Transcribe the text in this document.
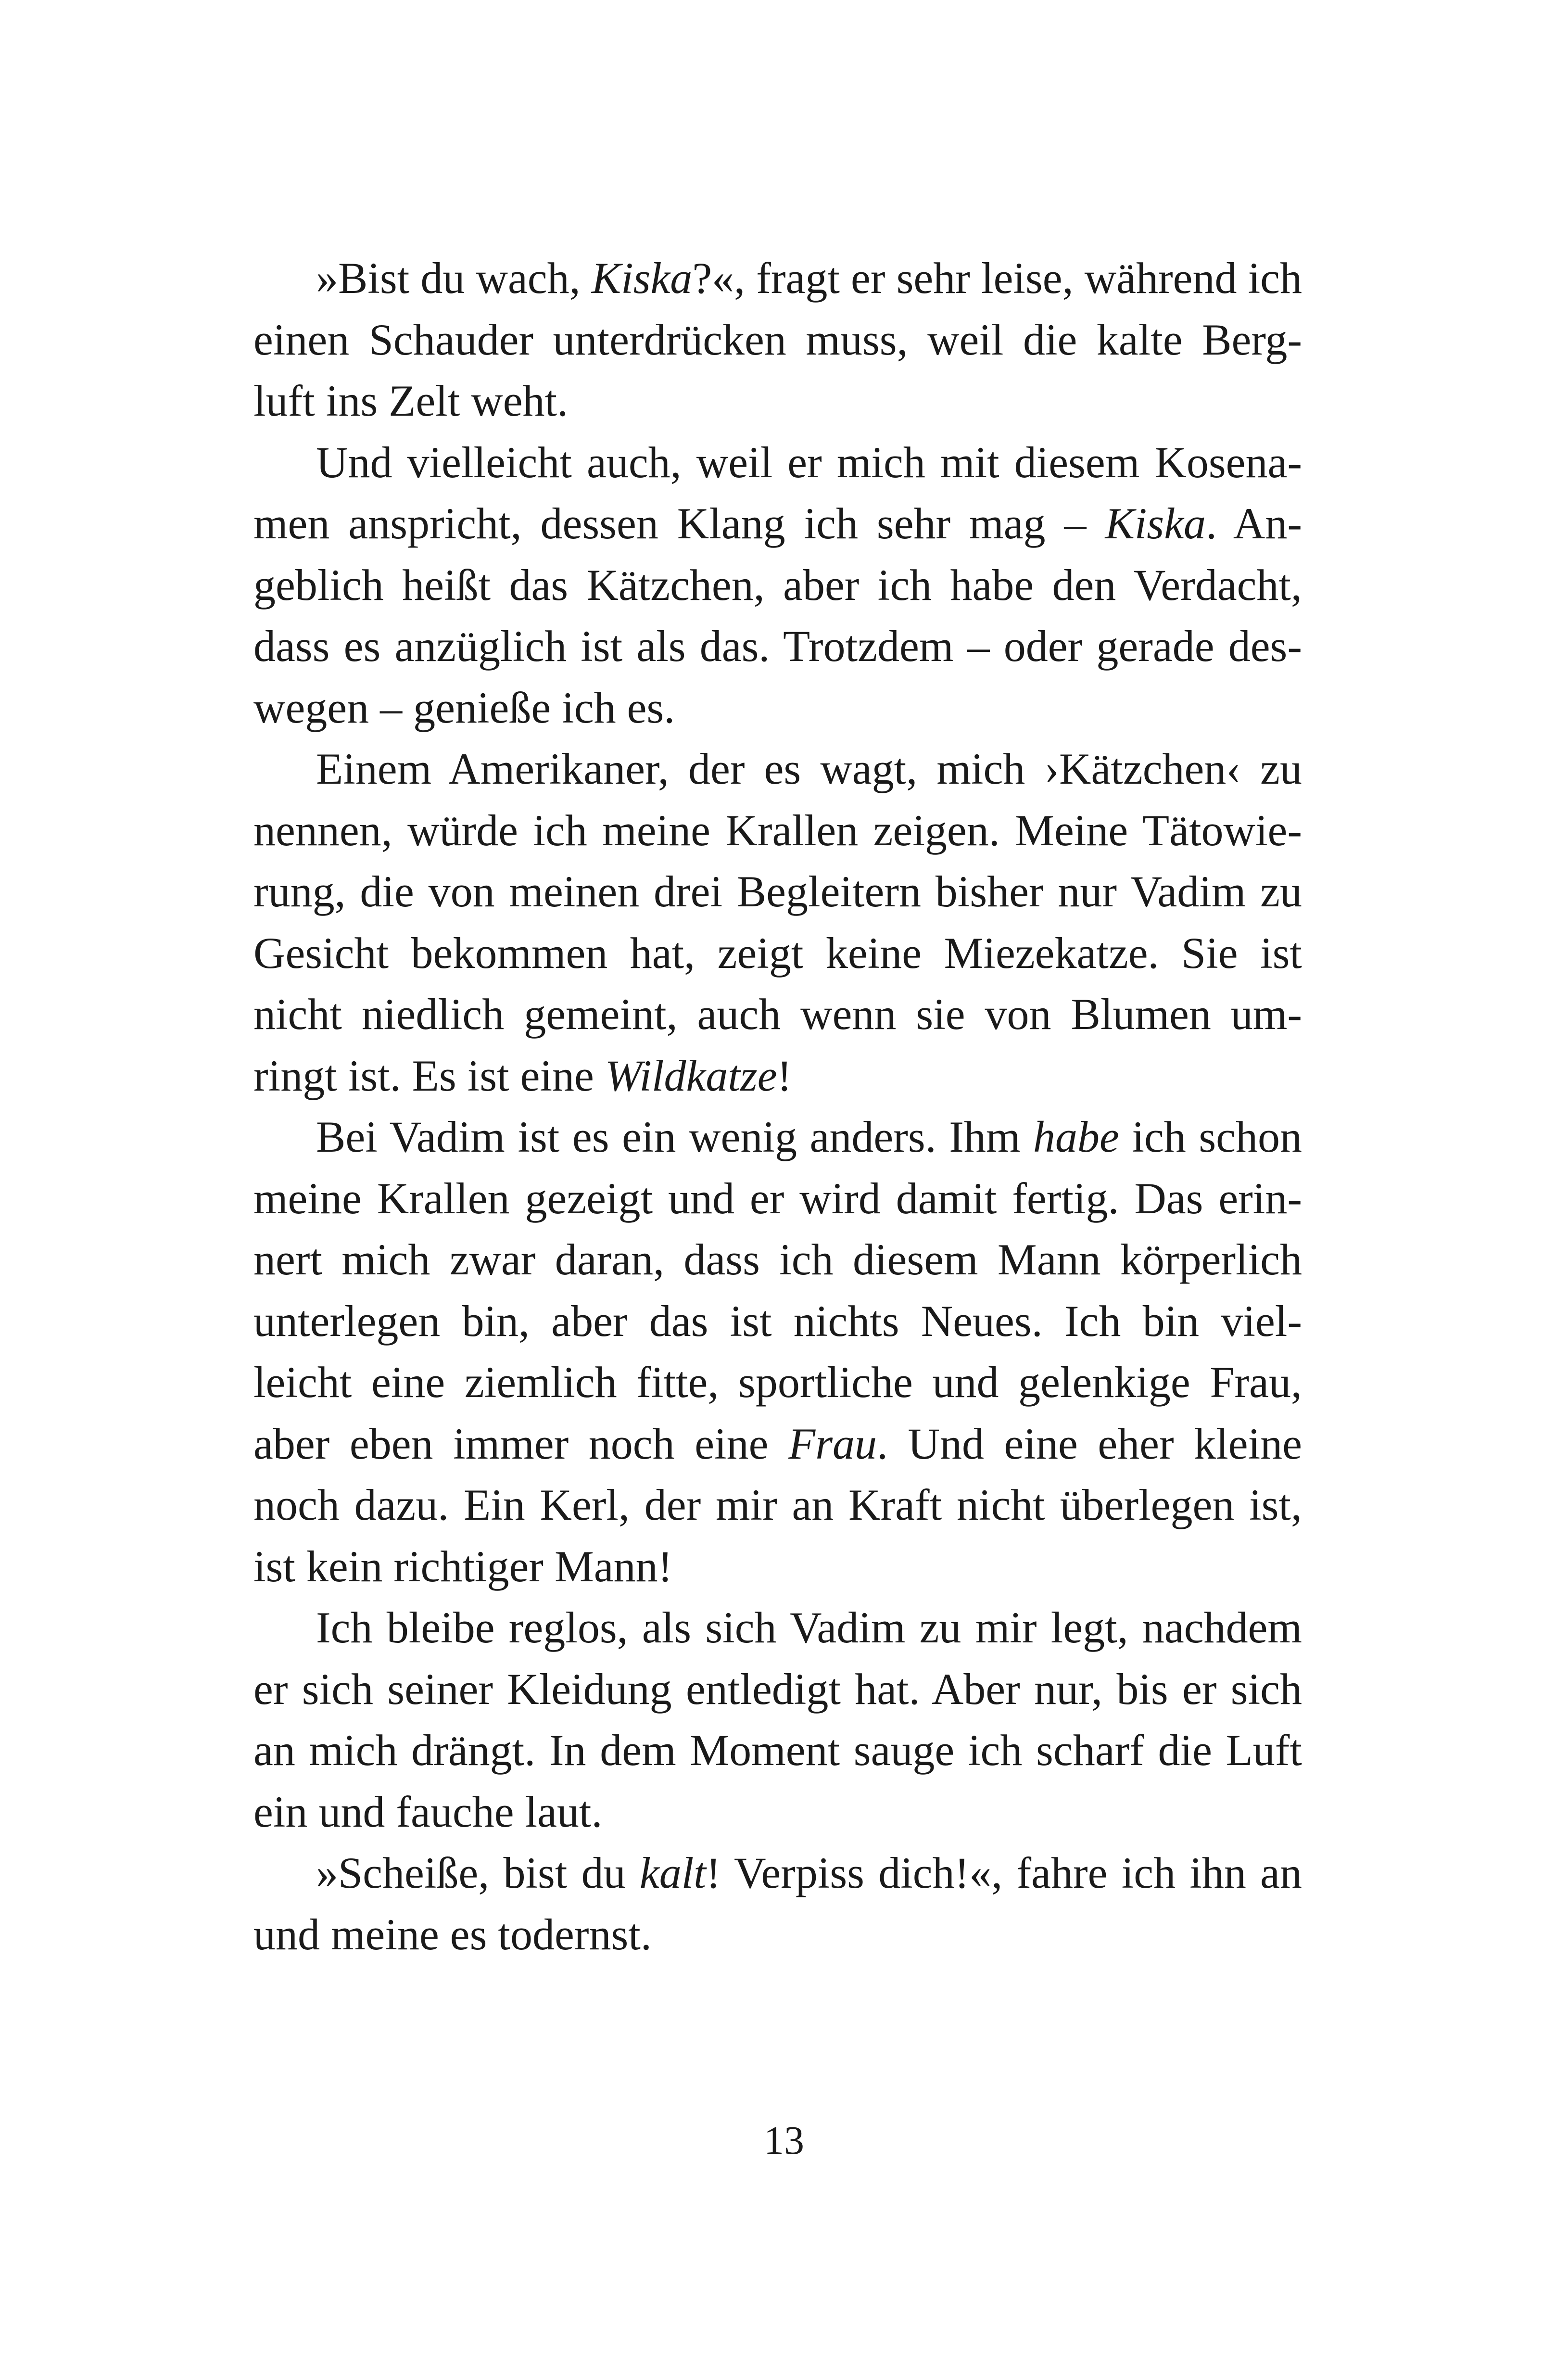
»Bist du wach, Kiska?«, fragt er sehr leise, während ich
einen Schauder unterdrücken muss, weil die kalte Berg-
luft ins Zelt weht.
Und vielleicht auch, weil er mich mit diesem Kosena-
men anspricht, dessen Klang ich sehr mag – Kiska. An-
geblich heißt das Kätzchen, aber ich habe den Verdacht,
dass es anzüglich ist als das. Trotzdem – oder gerade des-
wegen – genieße ich es.
Einem Amerikaner, der es wagt, mich ›Kätzchen‹ zu
nennen, würde ich meine Krallen zeigen. Meine Tätowie-
rung, die von meinen drei Begleitern bisher nur Vadim zu
Gesicht bekommen hat, zeigt keine Miezekatze. Sie ist
nicht niedlich gemeint, auch wenn sie von Blumen um-
ringt ist. Es ist eine Wildkatze!
Bei Vadim ist es ein wenig anders. Ihm habe ich schon
meine Krallen gezeigt und er wird damit fertig. Das erin-
nert mich zwar daran, dass ich diesem Mann körperlich
unterlegen bin, aber das ist nichts Neues. Ich bin viel-
leicht eine ziemlich fitte, sportliche und gelenkige Frau,
aber eben immer noch eine Frau. Und eine eher kleine
noch dazu. Ein Kerl, der mir an Kraft nicht überlegen ist,
ist kein richtiger Mann!
Ich bleibe reglos, als sich Vadim zu mir legt, nachdem
er sich seiner Kleidung entledigt hat. Aber nur, bis er sich
an mich drängt. In dem Moment sauge ich scharf die Luft
ein und fauche laut.
»Scheiße, bist du kalt! Verpiss dich!«, fahre ich ihn an
und meine es todernst.
13
